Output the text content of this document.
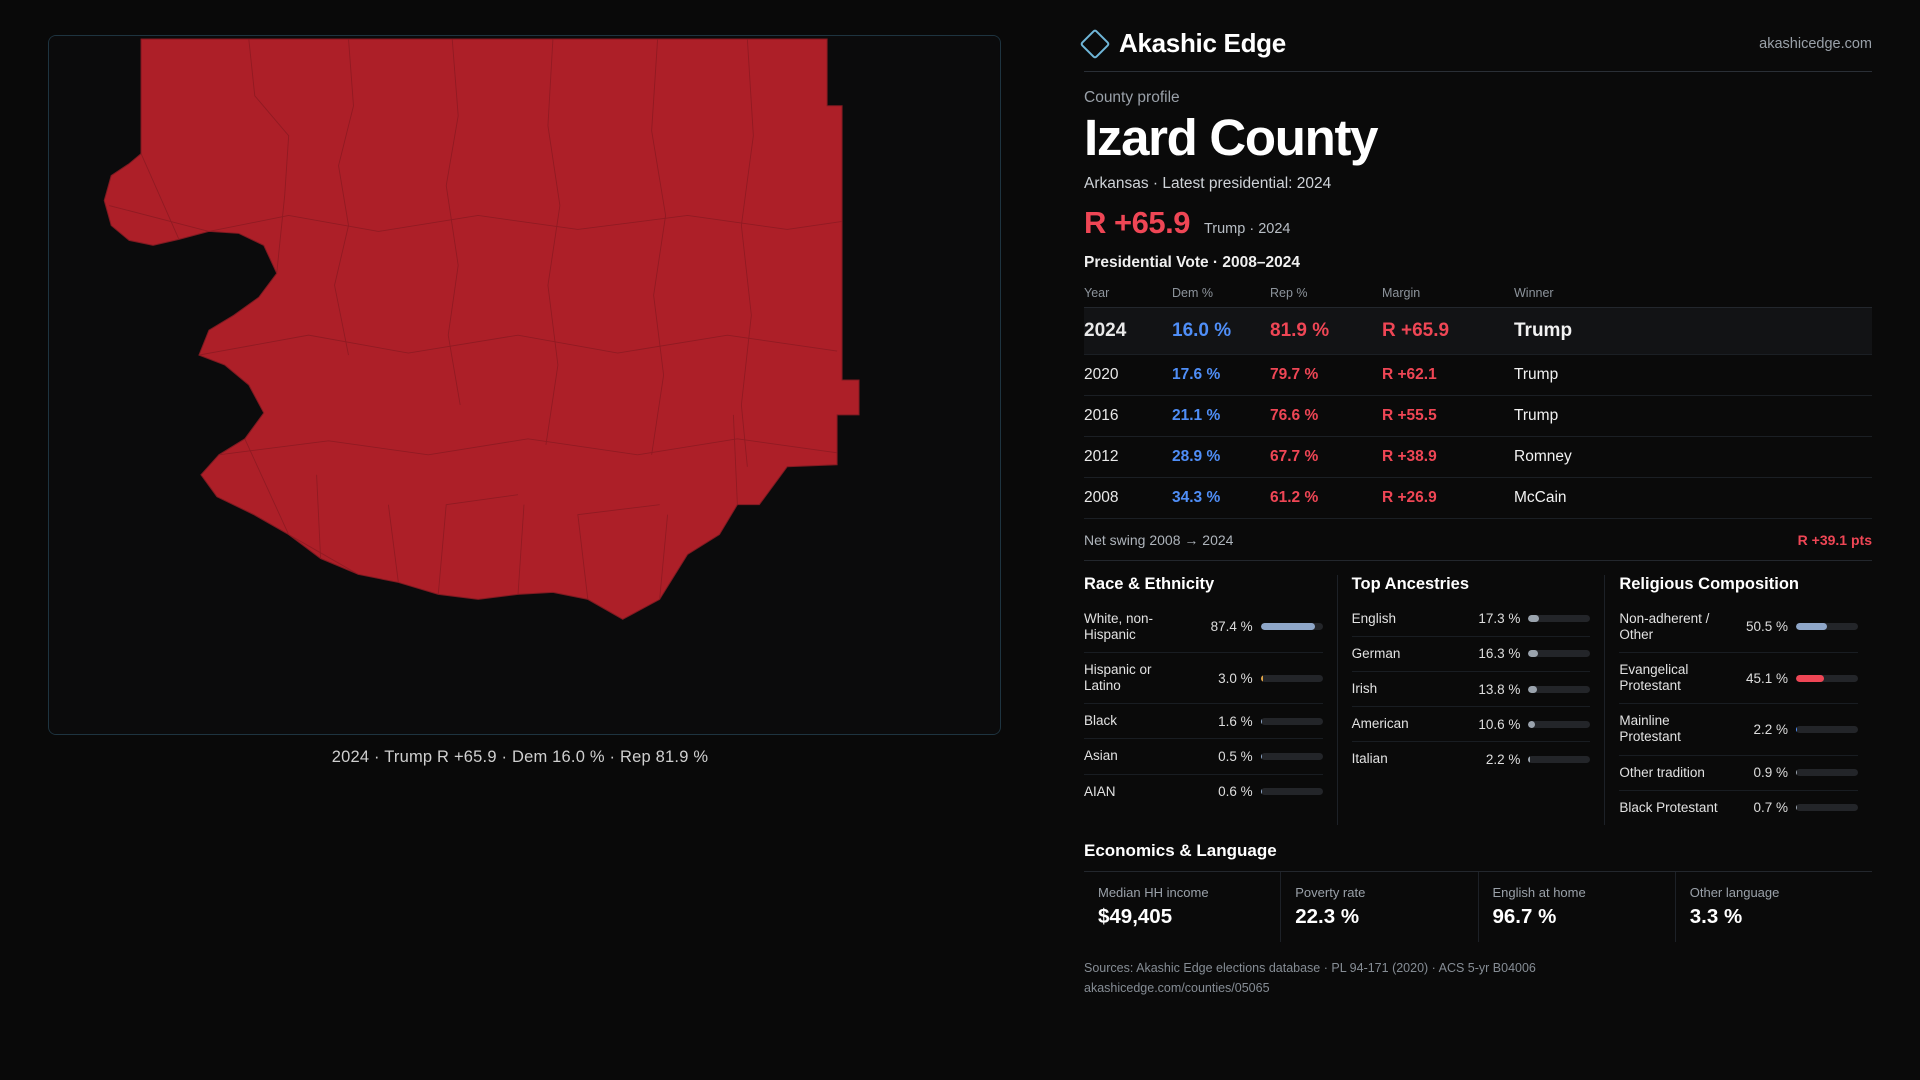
2024 · Trump R +65.9 · Dem 16.0 % · Rep 81.9 %
Akashic Edge	akashicedge.com
County profile
Izard County
Arkansas · Latest presidential: 2024
R +65.9 Trump · 2024
Presidential Vote · 2008–2024
Year	Dem %	Rep %	Margin	Winner
2024	16.0 %	81.9 %	R +65.9	Trump
2020	17.6 %	79.7 %	R +62.1	Trump
2016	21.1 %	76.6 %	R +55.5	Trump
2012	28.9 %	67.7 %	R +38.9	Romney
2008	34.3 %	61.2 %	R +26.9	McCain
Net swing 2008 → 2024	R +39.1 pts
Race & Ethnicity
White, non-Hispanic	87.4 %
Hispanic or Latino	3.0 %
Black	1.6 %
Asian	0.5 %
AIAN	0.6 %
Top Ancestries
English	17.3 %
German	16.3 %
Irish	13.8 %
American	10.6 %
Italian	2.2 %
Religious Composition
Non-adherent / Other	50.5 %
Evangelical Protestant	45.1 %
Mainline Protestant	2.2 %
Other tradition	0.9 %
Black Protestant	0.7 %
Economics & Language
Median HH income
$49,405
Poverty rate
22.3 %
English at home
96.7 %
Other language
3.3 %
Sources: Akashic Edge elections database · PL 94-171 (2020) · ACS 5-yr B04006
akashicedge.com/counties/05065
